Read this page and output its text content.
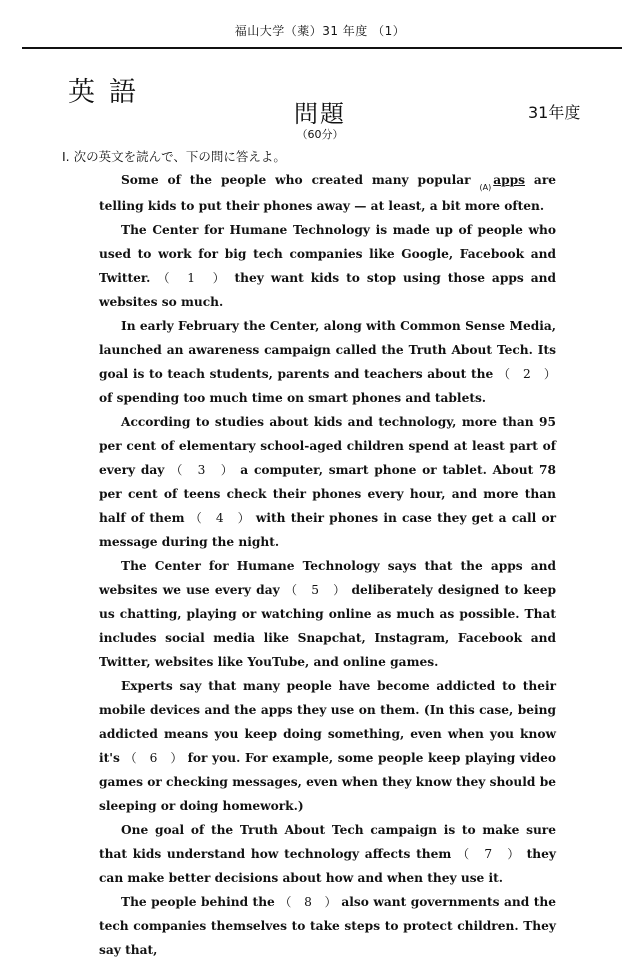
福山大学（薬）31 年度 （1）
英語
問題
（60分）
31年度
Ⅰ. 次の英文を読んで、下の問に答えよ。

Some of the people who created many popular $_{(A)}$apps are telling kids to put their phones away — at least, a bit more often.

The Center for Humane Technology is made up of people who used to work for big tech companies like Google, Facebook and Twitter. （　1　） they want kids to stop using those apps and websites so much.

In early February the Center, along with Common Sense Media, launched an awareness campaign called the Truth About Tech. Its goal is to teach students, parents and teachers about the （　2　） of spending too much time on smart phones and tablets.

According to studies about kids and technology, more than 95 per cent of elementary school-aged children spend at least part of every day （　3　） a computer, smart phone or tablet. About 78 per cent of teens check their phones every hour, and more than half of them （　4　） with their phones in case they get a call or message during the night.

The Center for Humane Technology says that the apps and websites we use every day （　5　） deliberately designed to keep us chatting, playing or watching online as much as possible. That includes social media like Snapchat, Instagram, Facebook and Twitter, websites like YouTube, and online games.

Experts say that many people have become addicted to their mobile devices and the apps they use on them. (In this case, being addicted means you keep doing something, even when you know it's （　6　） for you. For example, some people keep playing video games or checking messages, even when they know they should be sleeping or doing homework.)

One goal of the Truth About Tech campaign is to make sure that kids understand how technology affects them （　7　） they can make better decisions about how and when they use it.

The people behind the （　8　） also want governments and the tech companies themselves to take steps to protect children. They say that,
